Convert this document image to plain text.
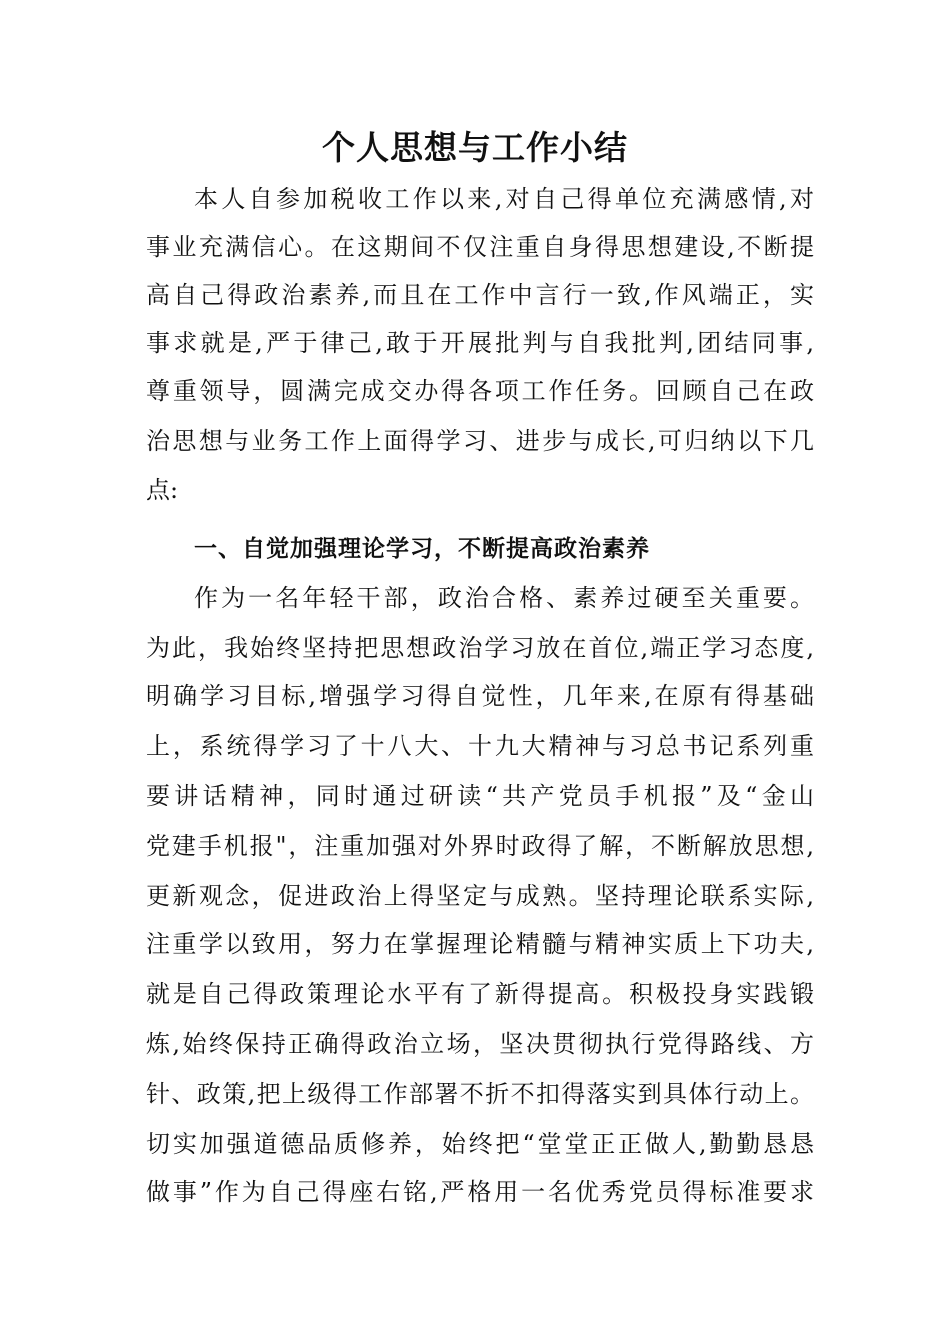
个人思想与工作小结
本人自参加税收工作以来,对自己得单位充满感情,对
事业充满信心。在这期间不仅注重自身得思想建设,不断提
高自己得政治素养,而且在工作中言行一致,作风端正，实
事求就是,严于律己,敢于开展批判与自我批判,团结同事,
尊重领导，圆满完成交办得各项工作任务。回顾自己在政
治思想与业务工作上面得学习、进步与成长,可归纳以下几
点:
一、自觉加强理论学习，不断提高政治素养
作为一名年轻干部，政治合格、素养过硬至关重要。
为此，我始终坚持把思想政治学习放在首位,端正学习态度,
明确学习目标,增强学习得自觉性，几年来,在原有得基础
上，系统得学习了十八大、十九大精神与习总书记系列重
要讲话精神，同时通过研读“共产党员手机报”及“金山
党建手机报"，注重加强对外界时政得了解，不断解放思想,
更新观念，促进政治上得坚定与成熟。坚持理论联系实际,
注重学以致用，努力在掌握理论精髓与精神实质上下功夫,
就是自己得政策理论水平有了新得提高。积极投身实践锻
炼,始终保持正确得政治立场，坚决贯彻执行党得路线、方
针、政策,把上级得工作部署不折不扣得落实到具体行动上。
切实加强道德品质修养，始终把“堂堂正正做人,勤勤恳恳
做事”作为自己得座右铭,严格用一名优秀党员得标准要求
